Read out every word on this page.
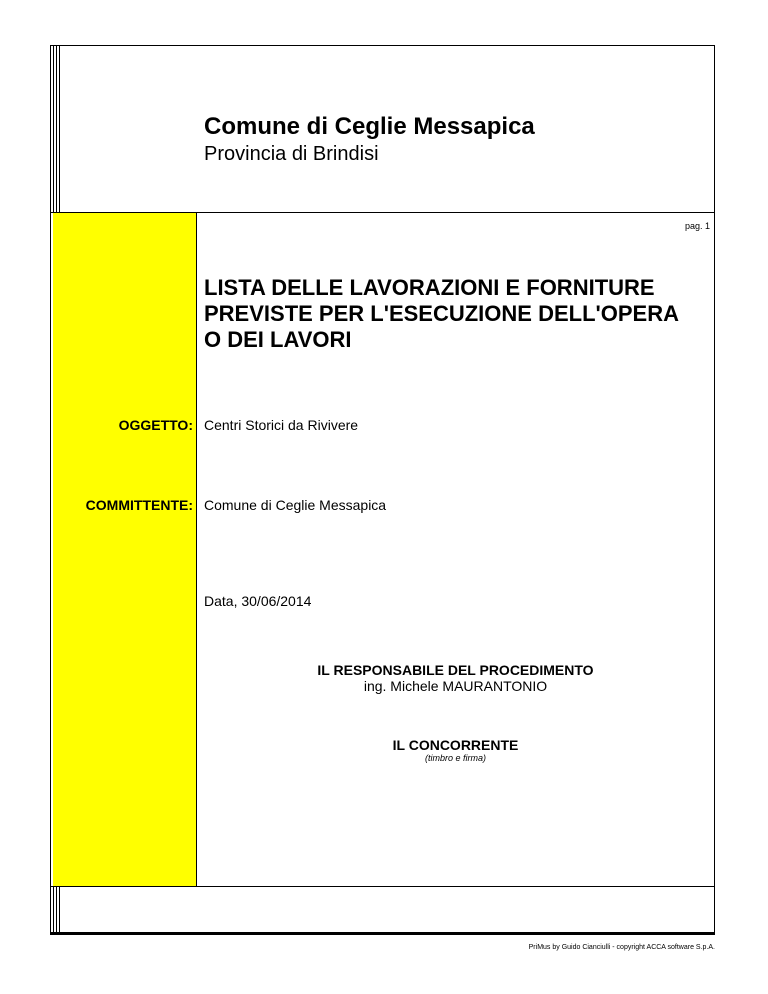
Comune di Ceglie Messapica
Provincia di Brindisi
pag. 1
LISTA DELLE LAVORAZIONI E FORNITURE PREVISTE PER L'ESECUZIONE DELL'OPERA O DEI LAVORI
OGGETTO: Centri Storici da Rivivere
COMMITTENTE: Comune di Ceglie Messapica
Data, 30/06/2014
IL RESPONSABILE DEL PROCEDIMENTO
ing. Michele MAURANTONIO
IL CONCORRENTE
(timbro e firma)
PriMus by Guido Cianciulli - copyright ACCA software S.p.A.
